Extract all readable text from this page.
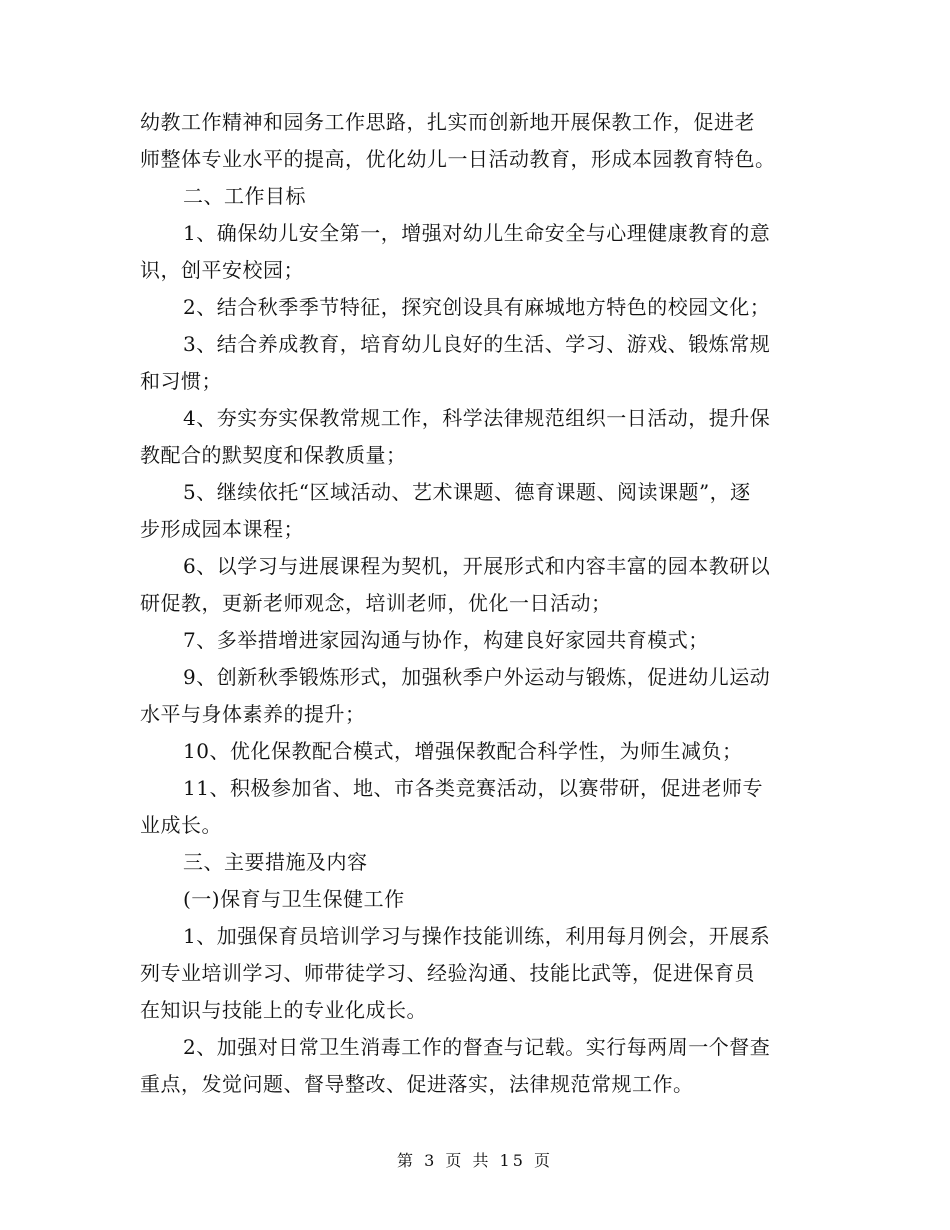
幼教工作精神和园务工作思路，扎实而创新地开展保教工作，促进老
师整体专业水平的提高，优化幼儿一日活动教育，形成本园教育特色。
二、工作目标
1、确保幼儿安全第一，增强对幼儿生命安全与心理健康教育的意
识，创平安校园；
2、结合秋季季节特征，探究创设具有麻城地方特色的校园文化；
3、结合养成教育，培育幼儿良好的生活、学习、游戏、锻炼常规
和习惯；
4、夯实夯实保教常规工作，科学法律规范组织一日活动，提升保
教配合的默契度和保教质量；
5、继续依托“区域活动、艺术课题、德育课题、阅读课题”，逐
步形成园本课程；
6、以学习与进展课程为契机，开展形式和内容丰富的园本教研以
研促教，更新老师观念，培训老师，优化一日活动；
7、多举措增进家园沟通与协作，构建良好家园共育模式；
9、创新秋季锻炼形式，加强秋季户外运动与锻炼，促进幼儿运动
水平与身体素养的提升；
10、优化保教配合模式，增强保教配合科学性，为师生减负；
11、积极参加省、地、市各类竞赛活动，以赛带研，促进老师专
业成长。
三、主要措施及内容
(一)保育与卫生保健工作
1、加强保育员培训学习与操作技能训练，利用每月例会，开展系
列专业培训学习、师带徒学习、经验沟通、技能比武等，促进保育员
在知识与技能上的专业化成长。
2、加强对日常卫生消毒工作的督查与记载。实行每两周一个督查
重点，发觉问题、督导整改、促进落实，法律规范常规工作。
第 3 页 共 15 页
